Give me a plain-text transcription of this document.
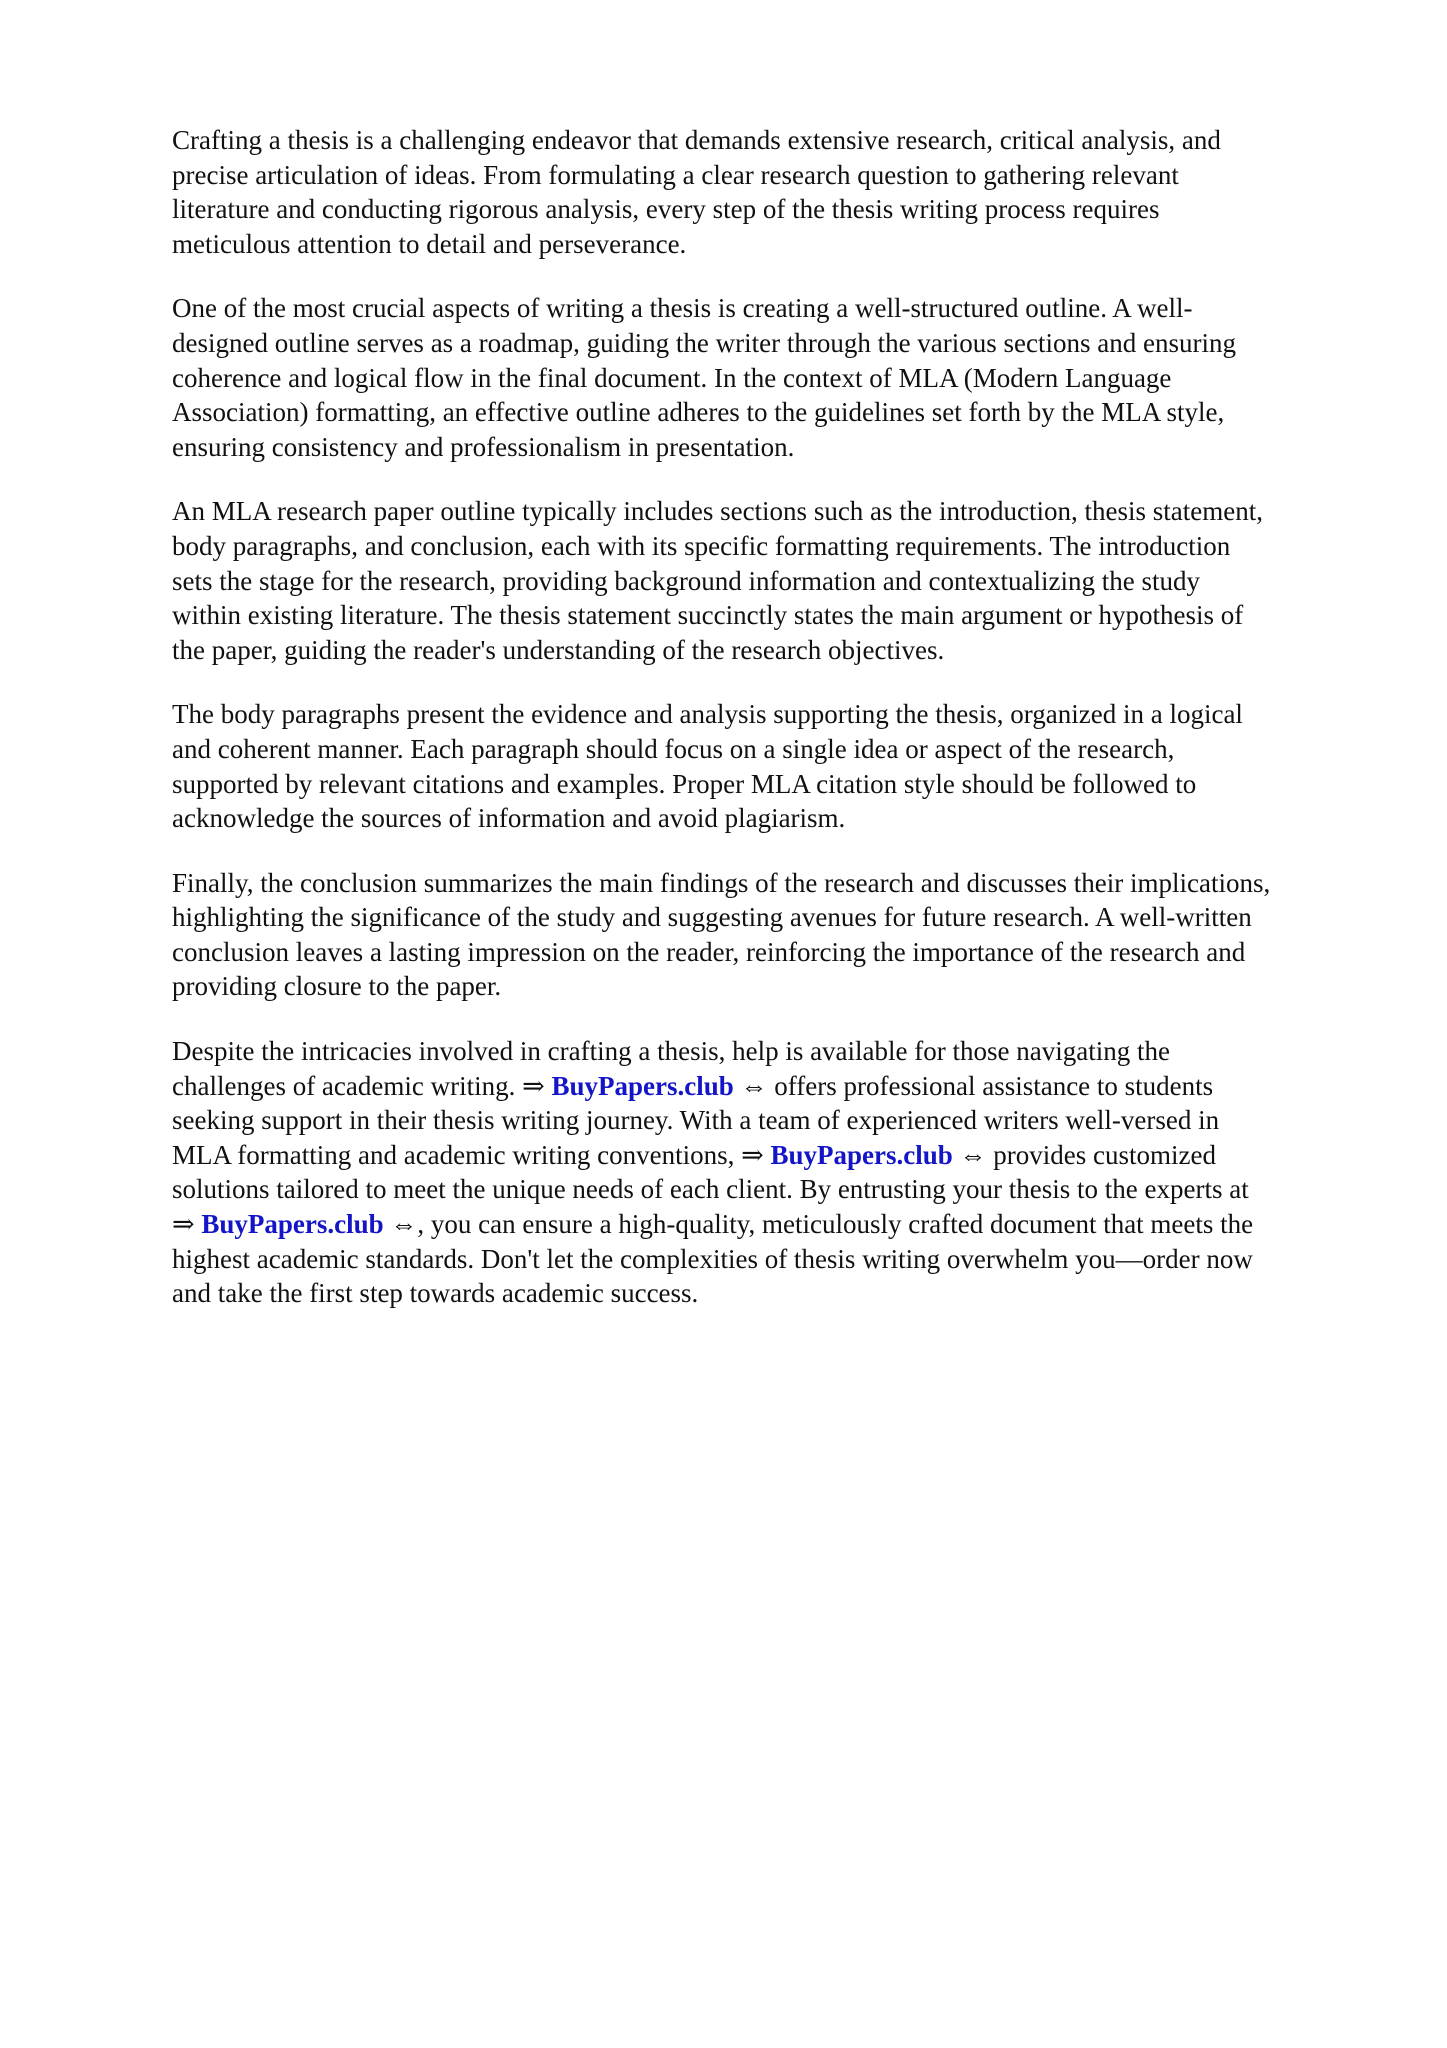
Crafting a thesis is a challenging endeavor that demands extensive research, critical analysis, and
precise articulation of ideas. From formulating a clear research question to gathering relevant
literature and conducting rigorous analysis, every step of the thesis writing process requires
meticulous attention to detail and perseverance.

One of the most crucial aspects of writing a thesis is creating a well-structured outline. A well-
designed outline serves as a roadmap, guiding the writer through the various sections and ensuring
coherence and logical flow in the final document. In the context of MLA (Modern Language
Association) formatting, an effective outline adheres to the guidelines set forth by the MLA style,
ensuring consistency and professionalism in presentation.

An MLA research paper outline typically includes sections such as the introduction, thesis statement,
body paragraphs, and conclusion, each with its specific formatting requirements. The introduction
sets the stage for the research, providing background information and contextualizing the study
within existing literature. The thesis statement succinctly states the main argument or hypothesis of
the paper, guiding the reader's understanding of the research objectives.

The body paragraphs present the evidence and analysis supporting the thesis, organized in a logical
and coherent manner. Each paragraph should focus on a single idea or aspect of the research,
supported by relevant citations and examples. Proper MLA citation style should be followed to
acknowledge the sources of information and avoid plagiarism.

Finally, the conclusion summarizes the main findings of the research and discusses their implications,
highlighting the significance of the study and suggesting avenues for future research. A well-written
conclusion leaves a lasting impression on the reader, reinforcing the importance of the research and
providing closure to the paper.

Despite the intricacies involved in crafting a thesis, help is available for those navigating the
challenges of academic writing. ⇒ BuyPapers.club ⇔ offers professional assistance to students
seeking support in their thesis writing journey. With a team of experienced writers well-versed in
MLA formatting and academic writing conventions, ⇒ BuyPapers.club ⇔ provides customized
solutions tailored to meet the unique needs of each client. By entrusting your thesis to the experts at
⇒ BuyPapers.club ⇔, you can ensure a high-quality, meticulously crafted document that meets the
highest academic standards. Don't let the complexities of thesis writing overwhelm you—order now
and take the first step towards academic success.
